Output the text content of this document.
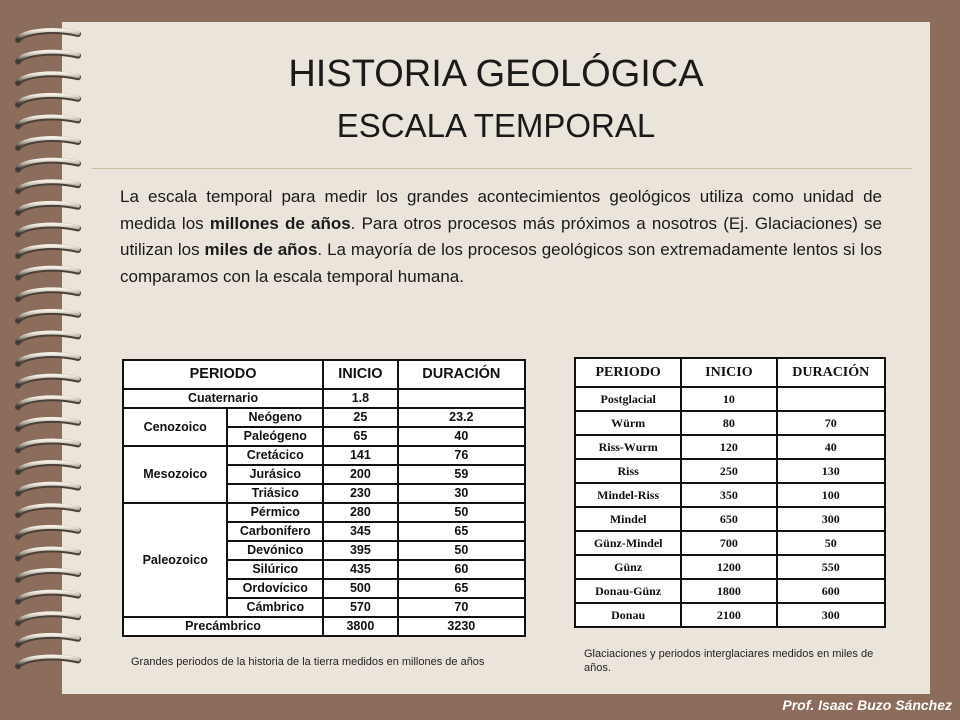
HISTORIA GEOLÓGICA
ESCALA TEMPORAL

La escala temporal para medir los grandes acontecimientos geológicos utiliza como unidad de medida los millones de años. Para otros procesos más próximos a nosotros (Ej. Glaciaciones) se utilizan los miles de años. La mayoría de los procesos geológicos son extremadamente lentos si los comparamos con la escala temporal humana.

PERIODO		INICIO	DURACIÓN
Cuaternario		1.8	
Cenozoico	Neógeno	25	23.2
	Paleógeno	65	40
Mesozoico	Cretácico	141	76
	Jurásico	200	59
	Triásico	230	30
Paleozoico	Pérmico	280	50
	Carbonífero	345	65
	Devónico	395	50
	Silúrico	435	60
	Ordovícico	500	65
	Cámbrico	570	70
Precámbrico		3800	3230
PERIODO	INICIO	DURACIÓN
Postglacial	10	
Würm	80	70
Riss-Wurm	120	40
Riss	250	130
Mindel-Riss	350	100
Mindel	650	300
Günz-Mindel	700	50
Günz	1200	550
Donau-Günz	1800	600
Donau	2100	300

Grandes periodos de la historia de la tierra medidos en millones de años

Glaciaciones y periodos interglaciares medidos en miles de años.

Prof. Isaac Buzo Sánchez
